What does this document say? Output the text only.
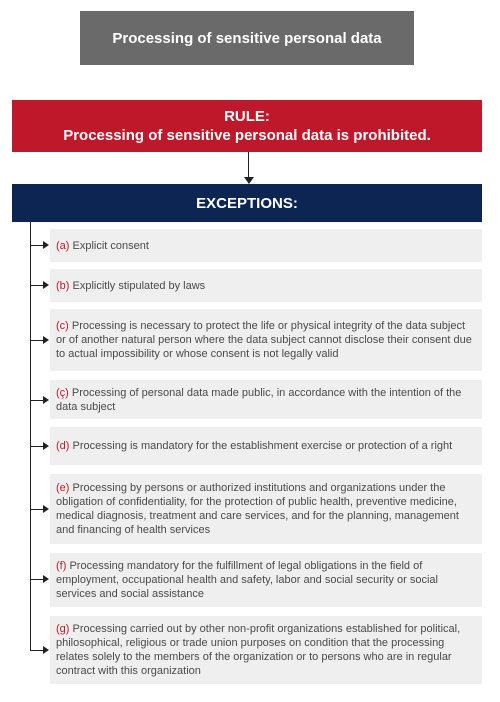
Processing of sensitive personal data
RULE:
Processing of sensitive personal data is prohibited.
EXCEPTIONS:
(a) Explicit consent
(b) Explicitly stipulated by laws
(c) Processing is necessary to protect the life or physical integrity of the data subject or of another natural person where the data subject cannot disclose their consent due to actual impossibility or whose consent is not legally valid
(ç) Processing of personal data made public, in accordance with the intention of the data subject
(d) Processing is mandatory for the establishment exercise or protection of a right
(e) Processing by persons or authorized institutions and organizations under the obligation of confidentiality, for the protection of public health, preventive medicine, medical diagnosis, treatment and care services, and for the planning, management and financing of health services
(f) Processing mandatory for the fulfillment of legal obligations in the field of employment, occupational health and safety, labor and social security or social services and social assistance
(g) Processing carried out by other non-profit organizations established for political, philosophical, religious or trade union purposes on condition that the processing relates solely to the members of the organization or to persons who are in regular contract with this organization
